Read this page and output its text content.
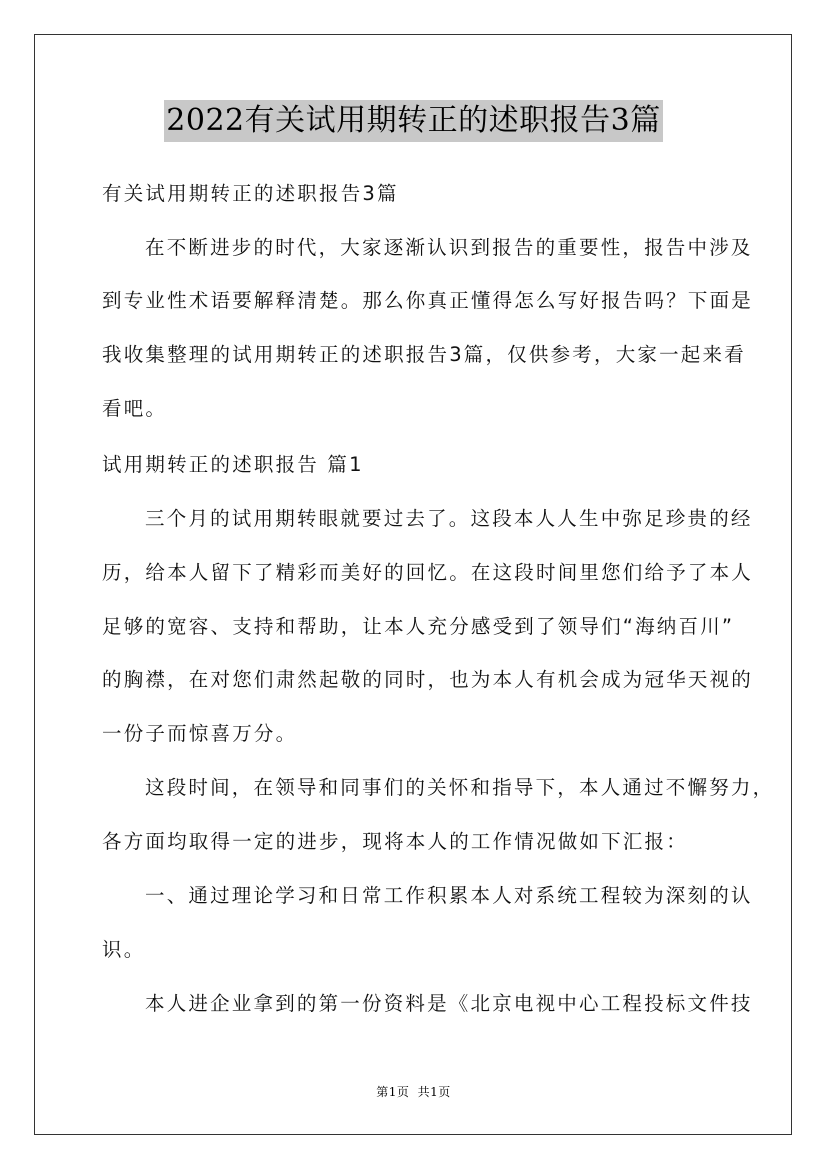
2022有关试用期转正的述职报告3篇
有关试用期转正的述职报告3篇
在不断进步的时代，大家逐渐认识到报告的重要性，报告中涉及
到专业性术语要解释清楚。那么你真正懂得怎么写好报告吗？下面是
我收集整理的试用期转正的述职报告3篇，仅供参考，大家一起来看
看吧。
试用期转正的述职报告 篇1
三个月的试用期转眼就要过去了。这段本人人生中弥足珍贵的经
历，给本人留下了精彩而美好的回忆。在这段时间里您们给予了本人
足够的宽容、支持和帮助，让本人充分感受到了领导们“海纳百川”
的胸襟，在对您们肃然起敬的同时，也为本人有机会成为冠华天视的
一份子而惊喜万分。
这段时间，在领导和同事们的关怀和指导下，本人通过不懈努力，
各方面均取得一定的进步，现将本人的工作情况做如下汇报：
一、通过理论学习和日常工作积累本人对系统工程较为深刻的认
识。
本人进企业拿到的第一份资料是《北京电视中心工程投标文件技
第1页 共1页
